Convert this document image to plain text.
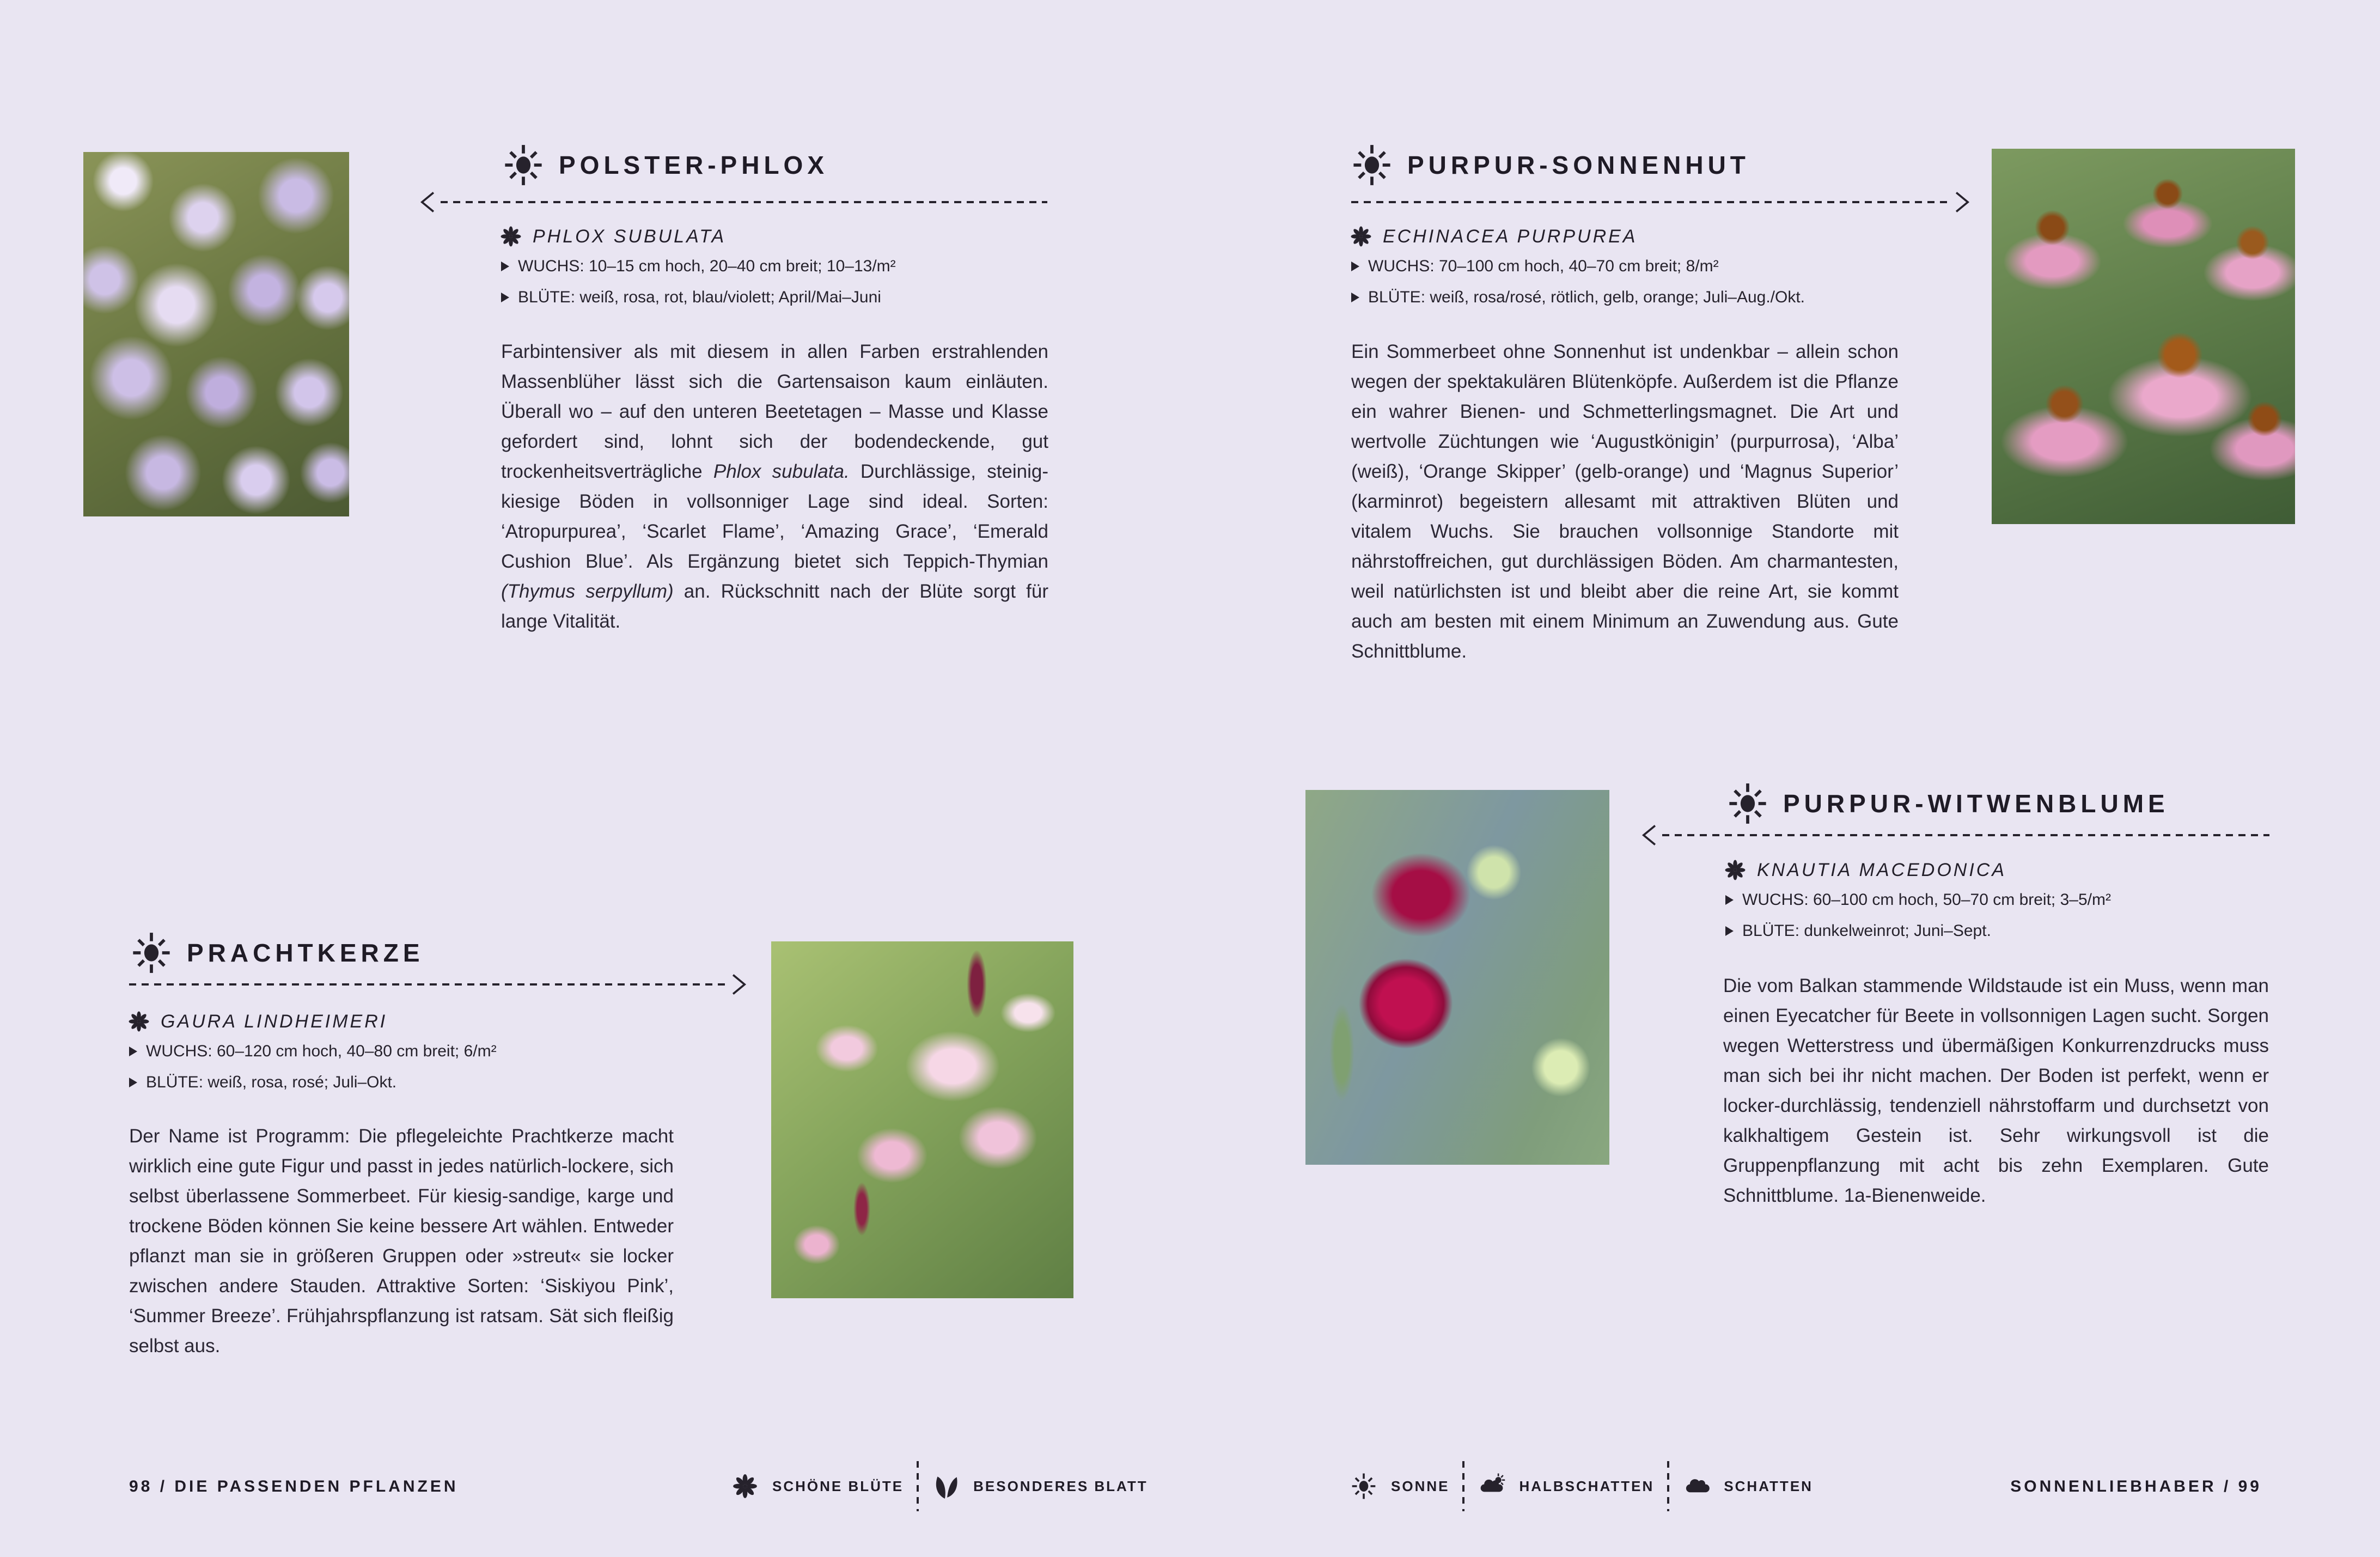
POLSTER-PHLOX
PHLOX SUBULATA
WUCHS: 10–15 cm hoch, 20–40 cm breit; 10–13/m²
BLÜTE: weiß, rosa, rot, blau/violett; April/Mai–Juni
Farbintensiver als mit diesem in allen Farben erstrahlenden Massenblüher lässt sich die Gartensaison kaum einläuten. Überall wo – auf den unteren Beetetagen – Masse und Klasse gefordert sind, lohnt sich der bodendeckende, gut trockenheitsverträgliche Phlox subulata. Durchlässige, steinig-kiesige Böden in vollsonniger Lage sind ideal. Sorten: ‘Atropurpurea’, ‘Scarlet Flame’, ‘Amazing Grace’, ‘Emerald Cushion Blue’. Als Ergänzung bietet sich Teppich-Thymian (Thymus serpyllum) an. Rückschnitt nach der Blüte sorgt für lange Vitalität.
PURPUR-SONNENHUT
ECHINACEA PURPUREA
WUCHS: 70–100 cm hoch, 40–70 cm breit; 8/m²
BLÜTE: weiß, rosa/rosé, rötlich, gelb, orange; Juli–Aug./Okt.
Ein Sommerbeet ohne Sonnenhut ist undenkbar – allein schon wegen der spektakulären Blütenköpfe. Außerdem ist die Pflanze ein wahrer Bienen- und Schmetterlingsmagnet. Die Art und wertvolle Züchtungen wie ‘Augustkönigin’ (purpurrosa), ‘Alba’ (weiß), ‘Orange Skipper’ (gelb-orange) und ‘Magnus Superior’ (karminrot) begeistern allesamt mit attraktiven Blüten und vitalem Wuchs. Sie brauchen vollsonnige Standorte mit nährstoffreichen, gut durchlässigen Böden. Am charmantesten, weil natürlichsten ist und bleibt aber die reine Art, sie kommt auch am besten mit einem Minimum an Zuwendung aus. Gute Schnittblume.
PRACHTKERZE
GAURA LINDHEIMERI
WUCHS: 60–120 cm hoch, 40–80 cm breit; 6/m²
BLÜTE: weiß, rosa, rosé; Juli–Okt.
Der Name ist Programm: Die pflegeleichte Prachtkerze macht wirklich eine gute Figur und passt in jedes natürlich-lockere, sich selbst überlassene Sommerbeet. Für kiesig-sandige, karge und trockene Böden können Sie keine bessere Art wählen. Entweder pflanzt man sie in größeren Gruppen oder »streut« sie locker zwischen andere Stauden. Attraktive Sorten: ‘Siskiyou Pink’, ‘Summer Breeze’. Frühjahrspflanzung ist ratsam. Sät sich fleißig selbst aus.
PURPUR-WITWENBLUME
KNAUTIA MACEDONICA
WUCHS: 60–100 cm hoch, 50–70 cm breit; 3–5/m²
BLÜTE: dunkelweinrot; Juni–Sept.
Die vom Balkan stammende Wildstaude ist ein Muss, wenn man einen Eyecatcher für Beete in vollsonnigen Lagen sucht. Sorgen wegen Wetterstress und übermäßigen Konkurrenzdrucks muss man sich bei ihr nicht machen. Der Boden ist perfekt, wenn er locker-durchlässig, tendenziell nährstoffarm und durchsetzt von kalkhaltigem Gestein ist. Sehr wirkungsvoll ist die Gruppenpflanzung mit acht bis zehn Exemplaren. Gute Schnittblume. 1a-Bienenweide.
98 / DIE PASSENDEN PFLANZEN	SCHÖNE BLÜTE	BESONDERES BLATT	SONNE	HALBSCHATTEN	SCHATTEN	SONNENLIEBHABER / 99
